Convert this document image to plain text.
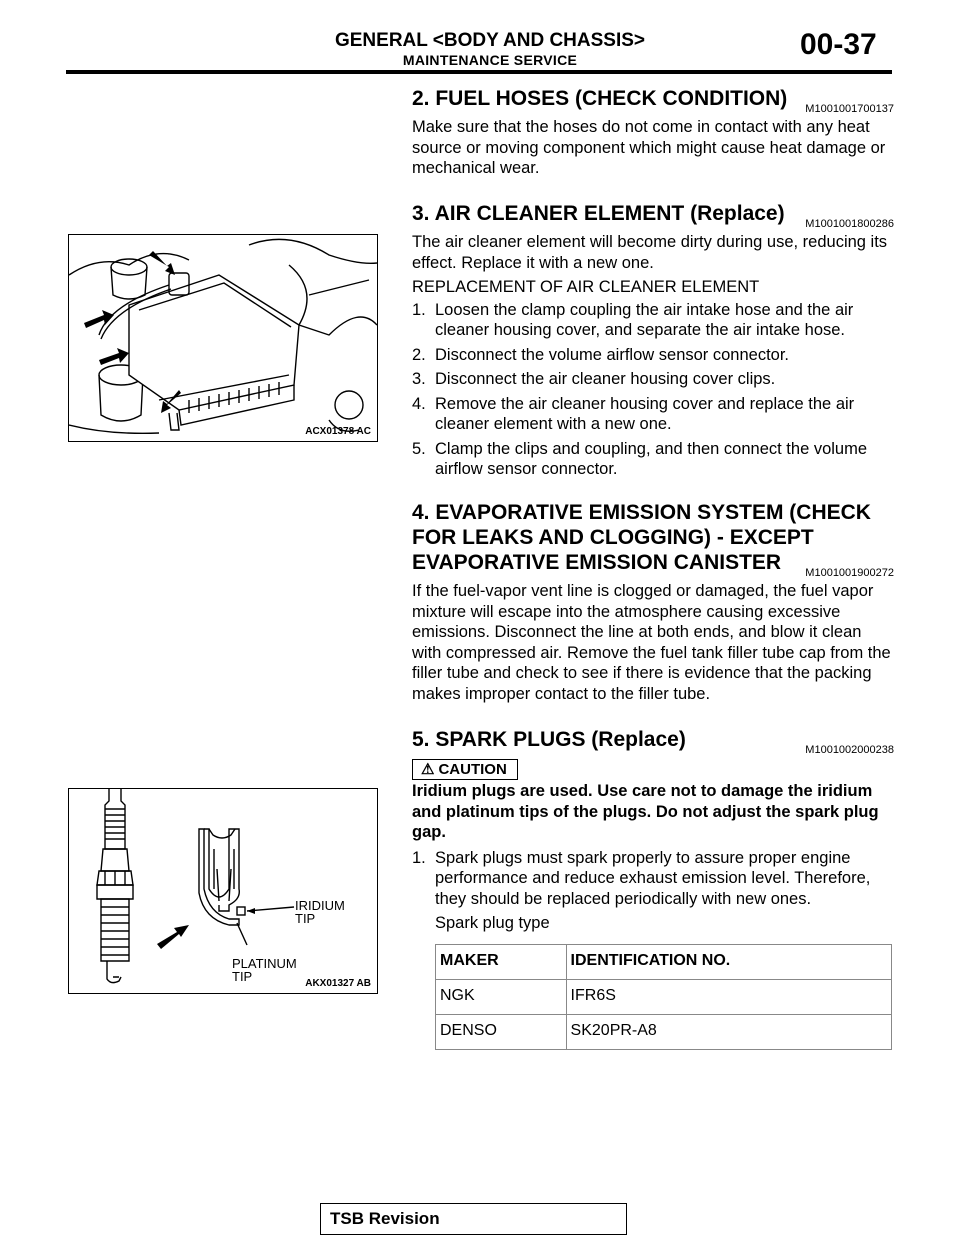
GENERAL <BODY AND CHASSIS>
MAINTENANCE SERVICE	00-37
2. FUEL HOSES (CHECK CONDITION)	M1001001700137

Make sure that the hoses do not come in contact with any heat source or moving component which might cause heat damage or mechanical wear.

3. AIR CLEANER ELEMENT (Replace)	M1001001800286

The air cleaner element will become dirty during use, reducing its effect. Replace it with a new one.

REPLACEMENT OF AIR CLEANER ELEMENT

1. Loosen the clamp coupling the air intake hose and the air cleaner housing cover, and separate the air intake hose.
2. Disconnect the volume airflow sensor connector.
3. Disconnect the air cleaner housing cover clips.
4. Remove the air cleaner housing cover and replace the air cleaner element with a new one.
5. Clamp the clips and coupling, and then connect the volume airflow sensor connector.
4. EVAPORATIVE EMISSION SYSTEM (CHECK
FOR LEAKS AND CLOGGING) - EXCEPT
EVAPORATIVE EMISSION CANISTER	M1001001900272

If the fuel-vapor vent line is clogged or damaged, the fuel vapor mixture will escape into the atmosphere causing excessive emissions. Disconnect the line at both ends, and blow it clean with compressed air. Remove the fuel tank filler tube cap from the filler tube and check to see if there is evidence that the packing makes improper contact to the filler tube.

5. SPARK PLUGS (Replace)	M1001002000238
⚠ CAUTION

Iridium plugs are used. Use care not to damage the iridium and platinum tips of the plugs. Do not adjust the spark plug gap.

1. Spark plugs must spark properly to assure proper engine performance and reduce exhaust emission level. Therefore, they should be replaced periodically with new ones.

Spark plug type

MAKER	IDENTIFICATION NO.
NGK	IFR6S
DENSO	SK20PR-A8
ACX01378 AC
IRIDIUM
TIP
PLATINUM
TIP	AKX01327 AB
TSB Revision
